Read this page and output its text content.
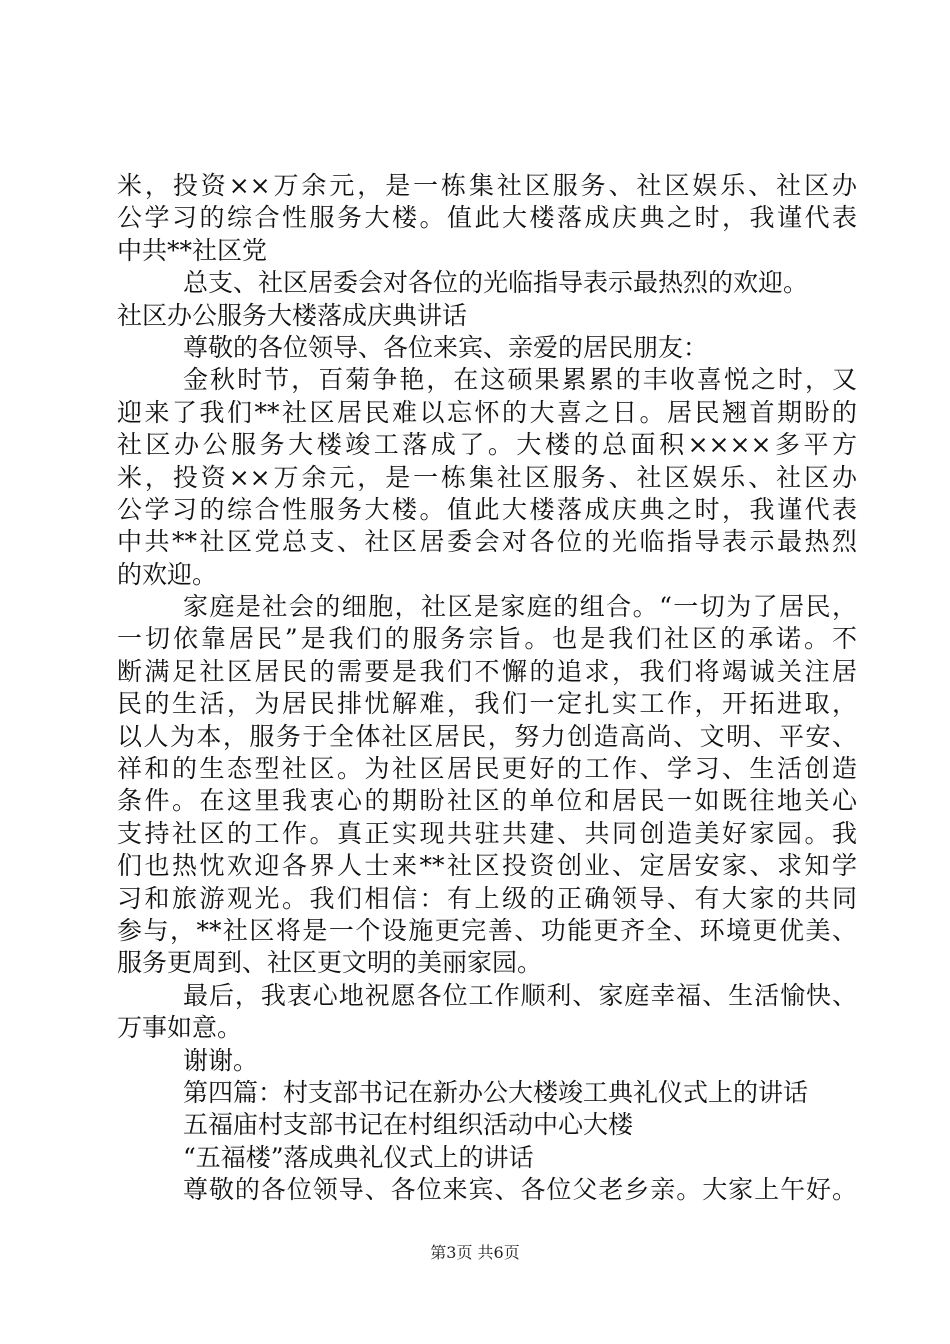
米，投资××万余元，是一栋集社区服务、社区娱乐、社区办
公学习的综合性服务大楼。值此大楼落成庆典之时，我谨代表
中共**社区党
总支、社区居委会对各位的光临指导表示最热烈的欢迎。
社区办公服务大楼落成庆典讲话
尊敬的各位领导、各位来宾、亲爱的居民朋友：
金秋时节，百菊争艳，在这硕果累累的丰收喜悦之时，又
迎来了我们**社区居民难以忘怀的大喜之日。居民翘首期盼的
社区办公服务大楼竣工落成了。大楼的总面积××××多平方
米，投资××万余元，是一栋集社区服务、社区娱乐、社区办
公学习的综合性服务大楼。值此大楼落成庆典之时，我谨代表
中共**社区党总支、社区居委会对各位的光临指导表示最热烈
的欢迎。
家庭是社会的细胞，社区是家庭的组合。“一切为了居民，
一切依靠居民”是我们的服务宗旨。也是我们社区的承诺。不
断满足社区居民的需要是我们不懈的追求，我们将竭诚关注居
民的生活，为居民排忧解难，我们一定扎实工作，开拓进取，
以人为本，服务于全体社区居民，努力创造高尚、文明、平安、
祥和的生态型社区。为社区居民更好的工作、学习、生活创造
条件。在这里我衷心的期盼社区的单位和居民一如既往地关心
支持社区的工作。真正实现共驻共建、共同创造美好家园。我
们也热忱欢迎各界人士来**社区投资创业、定居安家、求知学
习和旅游观光。我们相信：有上级的正确领导、有大家的共同
参与，**社区将是一个设施更完善、功能更齐全、环境更优美、
服务更周到、社区更文明的美丽家园。
最后，我衷心地祝愿各位工作顺利、家庭幸福、生活愉快、
万事如意。
谢谢。
第四篇：村支部书记在新办公大楼竣工典礼仪式上的讲话
五福庙村支部书记在村组织活动中心大楼
“五福楼”落成典礼仪式上的讲话
尊敬的各位领导、各位来宾、各位父老乡亲。大家上午好。
第3页 共6页
